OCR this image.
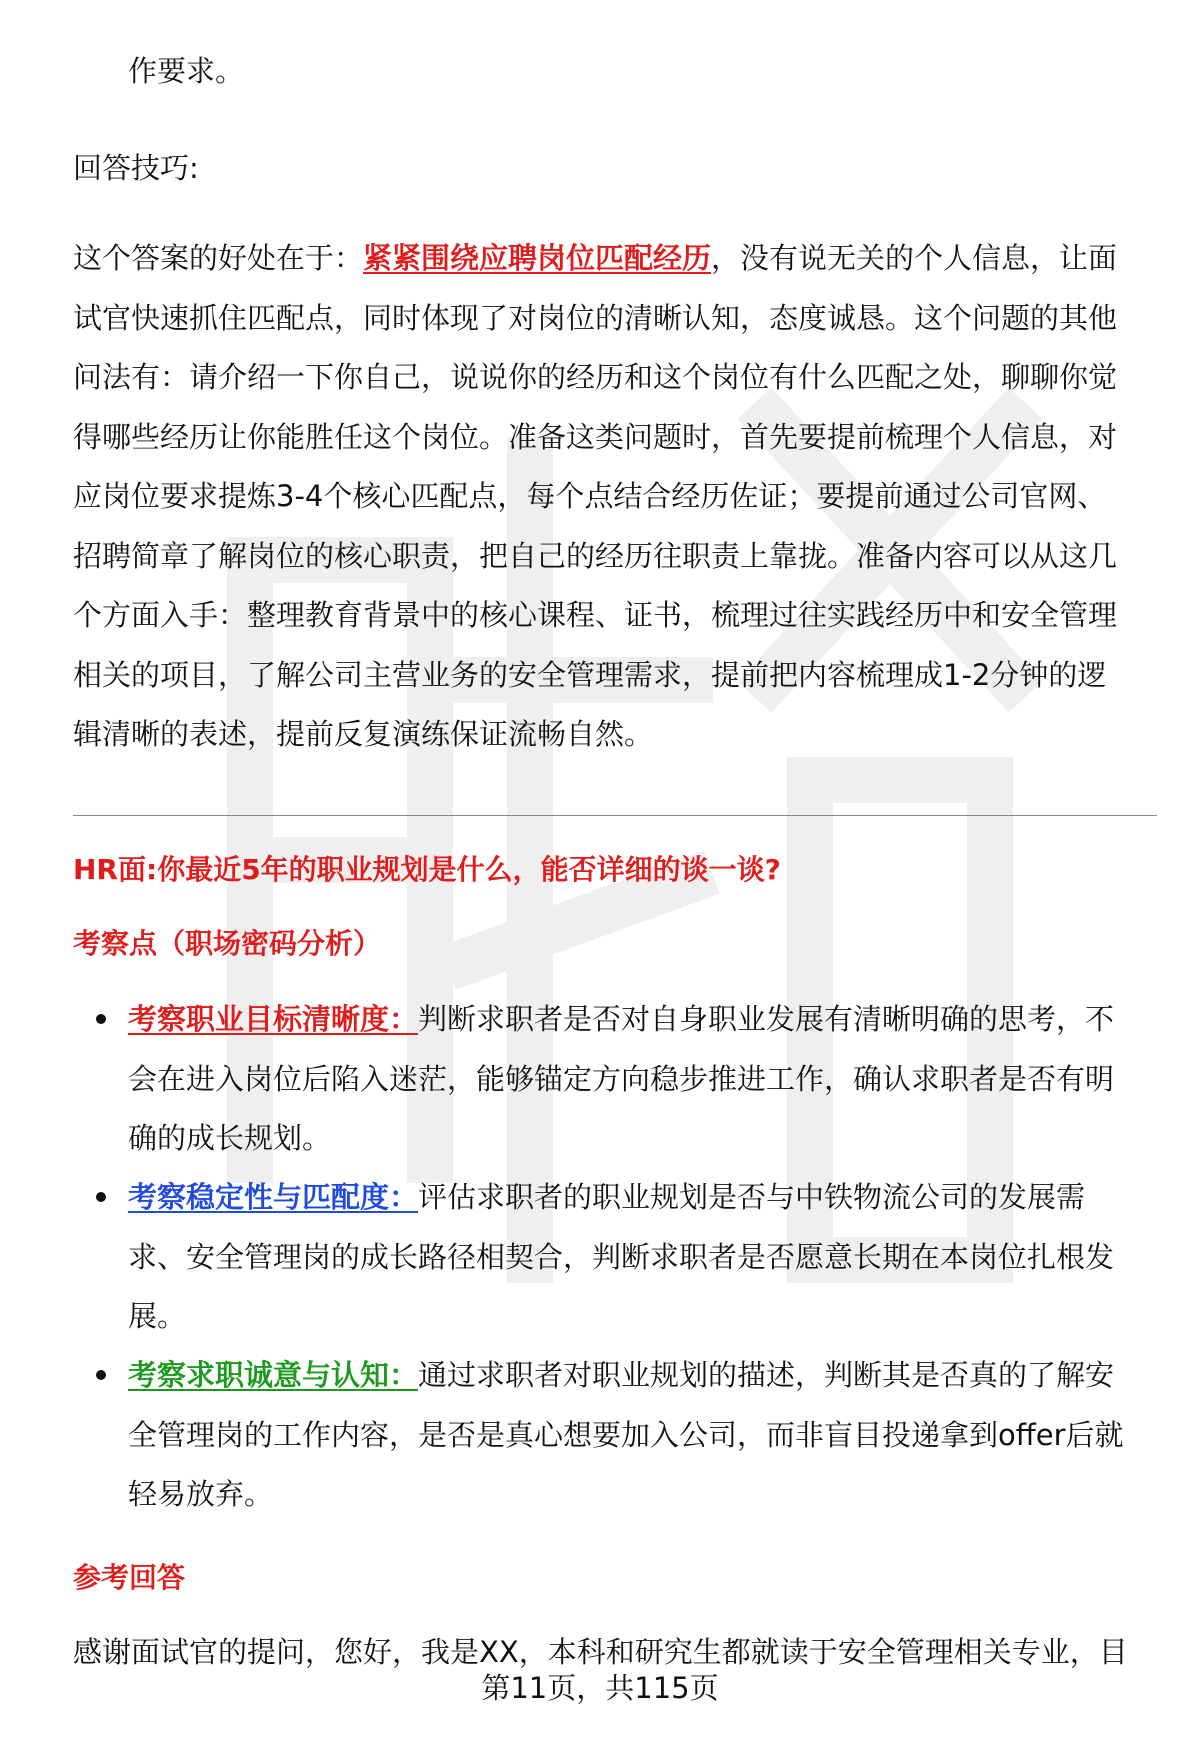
作要求。
回答技巧:
这个答案的好处在于：紧紧围绕应聘岗位匹配经历，没有说无关的个人信息，让面
试官快速抓住匹配点，同时体现了对岗位的清晰认知，态度诚恳。这个问题的其他
问法有：请介绍一下你自己，说说你的经历和这个岗位有什么匹配之处，聊聊你觉
得哪些经历让你能胜任这个岗位。准备这类问题时，首先要提前梳理个人信息，对
应岗位要求提炼3-4个核心匹配点，每个点结合经历佐证；要提前通过公司官网、
招聘简章了解岗位的核心职责，把自己的经历往职责上靠拢。准备内容可以从这几
个方面入手：整理教育背景中的核心课程、证书，梳理过往实践经历中和安全管理
相关的项目，了解公司主营业务的安全管理需求，提前把内容梳理成1-2分钟的逻
辑清晰的表述，提前反复演练保证流畅自然。
HR面:你最近5年的职业规划是什么，能否详细的谈一谈?
考察点（职场密码分析）
考察职业目标清晰度：判断求职者是否对自身职业发展有清晰明确的思考，不
会在进入岗位后陷入迷茫，能够锚定方向稳步推进工作，确认求职者是否有明
确的成长规划。
考察稳定性与匹配度：评估求职者的职业规划是否与中铁物流公司的发展需
求、安全管理岗的成长路径相契合，判断求职者是否愿意长期在本岗位扎根发
展。
考察求职诚意与认知：通过求职者对职业规划的描述，判断其是否真的了解安
全管理岗的工作内容，是否是真心想要加入公司，而非盲目投递拿到offer后就
轻易放弃。
参考回答
感谢面试官的提问，您好，我是XX，本科和研究生都就读于安全管理相关专业，目
第11页，共115页
